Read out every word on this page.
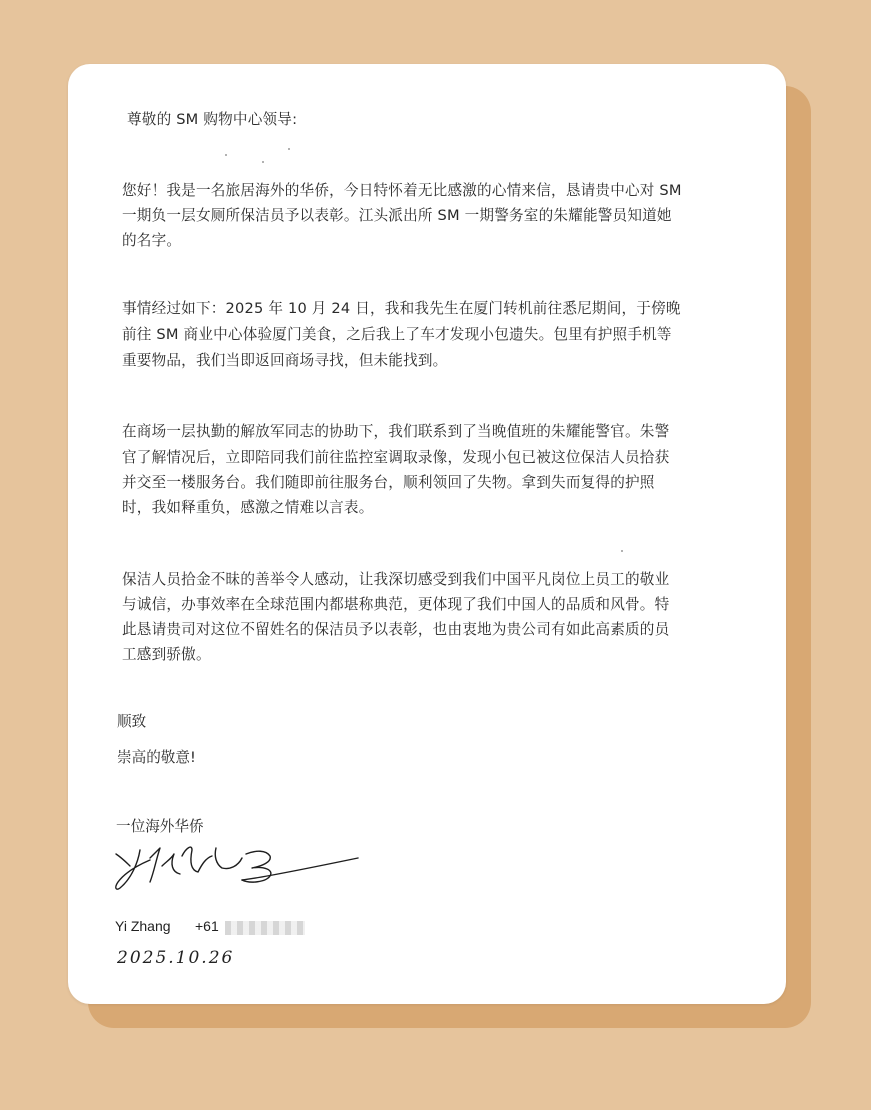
尊敬的 SM 购物中心领导:
您好！我是一名旅居海外的华侨，今日特怀着无比感激的心情来信，恳请贵中心对 SM
一期负一层女厕所保洁员予以表彰。江头派出所 SM 一期警务室的朱耀能警员知道她
的名字。
事情经过如下：2025 年 10 月 24 日，我和我先生在厦门转机前往悉尼期间，于傍晚
前往 SM 商业中心体验厦门美食，之后我上了车才发现小包遗失。包里有护照手机等
重要物品，我们当即返回商场寻找，但未能找到。
在商场一层执勤的解放军同志的协助下，我们联系到了当晚值班的朱耀能警官。朱警
官了解情况后，立即陪同我们前往监控室调取录像，发现小包已被这位保洁人员拾获
并交至一楼服务台。我们随即前往服务台，顺利领回了失物。拿到失而复得的护照
时，我如释重负，感激之情难以言表。
保洁人员拾金不昧的善举令人感动，让我深切感受到我们中国平凡岗位上员工的敬业
与诚信，办事效率在全球范围内都堪称典范，更体现了我们中国人的品质和风骨。特
此恳请贵司对这位不留姓名的保洁员予以表彰，也由衷地为贵公司有如此高素质的员
工感到骄傲。
顺致
崇高的敬意!
一位海外华侨
Yi Zhang +61
2025.10.26
